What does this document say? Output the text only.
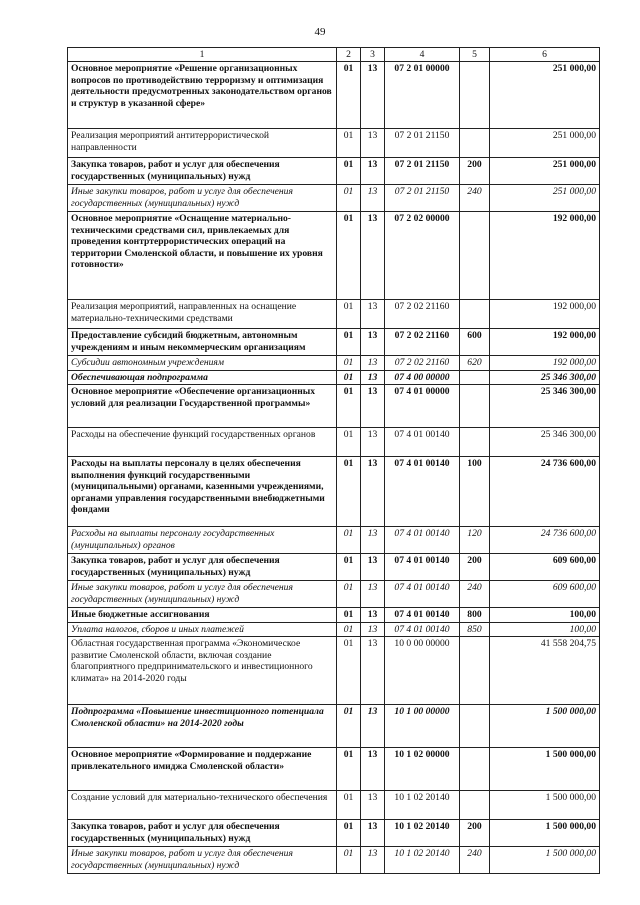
49
1	2	3	4	5	6
Основное мероприятие «Решение организационных вопросов по противодействию терроризму и оптимизация деятельности предусмотренных законодательством органов и структур в указанной сфере»	01	13	07 2 01 00000		251 000,00
Реализация мероприятий антитеррористической направленности	01	13	07 2 01 21150		251 000,00
Закупка товаров, работ и услуг для обеспечения государственных (муниципальных) нужд	01	13	07 2 01 21150	200	251 000,00
Иные закупки товаров, работ и услуг для обеспечения государственных (муниципальных) нужд	01	13	07 2 01 21150	240	251 000,00
Основное мероприятие «Оснащение материально-техническими средствами сил, привлекаемых для проведения контртеррористических операций на территории Смоленской области, и повышение их уровня готовности»	01	13	07 2 02 00000		192 000,00
Реализация мероприятий, направленных на оснащение материально-техническими средствами	01	13	07 2 02 21160		192 000,00
Предоставление субсидий бюджетным, автономным учреждениям и иным некоммерческим организациям	01	13	07 2 02 21160	600	192 000,00
Субсидии автономным учреждениям	01	13	07 2 02 21160	620	192 000,00
Обеспечивающая подпрограмма	01	13	07 4 00 00000		25 346 300,00
Основное мероприятие «Обеспечение организационных условий для реализации Государственной программы»	01	13	07 4 01 00000		25 346 300,00
Расходы на обеспечение функций государственных органов	01	13	07 4 01 00140		25 346 300,00
Расходы на выплаты персоналу в целях обеспечения выполнения функций государственными (муниципальными) органами, казенными учреждениями, органами управления государственными внебюджетными фондами	01	13	07 4 01 00140	100	24 736 600,00
Расходы на выплаты персоналу государственных (муниципальных) органов	01	13	07 4 01 00140	120	24 736 600,00
Закупка товаров, работ и услуг для обеспечения государственных (муниципальных) нужд	01	13	07 4 01 00140	200	609 600,00
Иные закупки товаров, работ и услуг для обеспечения государственных (муниципальных) нужд	01	13	07 4 01 00140	240	609 600,00
Иные бюджетные ассигнования	01	13	07 4 01 00140	800	100,00
Уплата налогов, сборов и иных платежей	01	13	07 4 01 00140	850	100,00
Областная государственная программа «Экономическое развитие Смоленской области, включая создание благоприятного предпринимательского и инвестиционного климата» на 2014-2020 годы	01	13	10 0 00 00000		41 558 204,75
Подпрограмма «Повышение инвестиционного потенциала Смоленской области» на 2014-2020 годы	01	13	10 1 00 00000		1 500 000,00
Основное мероприятие «Формирование и поддержание привлекательного имиджа Смоленской области»	01	13	10 1 02 00000		1 500 000,00
Создание условий для материально-технического обеспечения	01	13	10 1 02 20140		1 500 000,00
Закупка товаров, работ и услуг для обеспечения государственных (муниципальных) нужд	01	13	10 1 02 20140	200	1 500 000,00
Иные закупки товаров, работ и услуг для обеспечения государственных (муниципальных) нужд	01	13	10 1 02 20140	240	1 500 000,00
